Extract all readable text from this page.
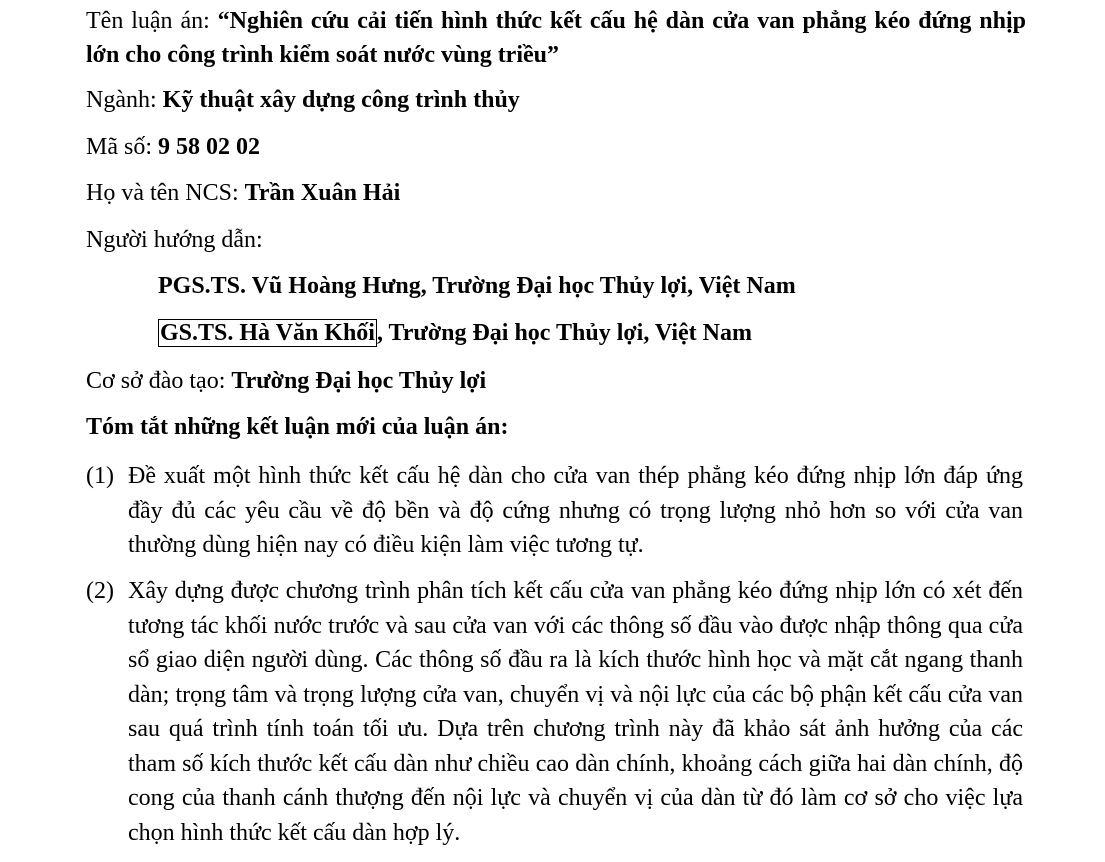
Tên luận án: “Nghiên cứu cải tiến hình thức kết cấu hệ dàn cửa van phẳng kéo đứng nhịp lớn cho công trình kiểm soát nước vùng triều”
Ngành: Kỹ thuật xây dựng công trình thủy
Mã số: 9 58 02 02
Họ và tên NCS: Trần Xuân Hải
Người hướng dẫn:
PGS.TS. Vũ Hoàng Hưng, Trường Đại học Thủy lợi, Việt Nam
GS.TS. Hà Văn Khối, Trường Đại học Thủy lợi, Việt Nam
Cơ sở đào tạo: Trường Đại học Thủy lợi
Tóm tắt những kết luận mới của luận án:
(1) Đề xuất một hình thức kết cấu hệ dàn cho cửa van thép phẳng kéo đứng nhịp lớn đáp ứng đầy đủ các yêu cầu về độ bền và độ cứng nhưng có trọng lượng nhỏ hơn so với cửa van thường dùng hiện nay có điều kiện làm việc tương tự.
(2) Xây dựng được chương trình phân tích kết cấu cửa van phẳng kéo đứng nhịp lớn có xét đến tương tác khối nước trước và sau cửa van với các thông số đầu vào được nhập thông qua cửa sổ giao diện người dùng. Các thông số đầu ra là kích thước hình học và mặt cắt ngang thanh dàn; trọng tâm và trọng lượng cửa van, chuyển vị và nội lực của các bộ phận kết cấu cửa van sau quá trình tính toán tối ưu. Dựa trên chương trình này đã khảo sát ảnh hưởng của các tham số kích thước kết cấu dàn như chiều cao dàn chính, khoảng cách giữa hai dàn chính, độ cong của thanh cánh thượng đến nội lực và chuyển vị của dàn từ đó làm cơ sở cho việc lựa chọn hình thức kết cấu dàn hợp lý.
